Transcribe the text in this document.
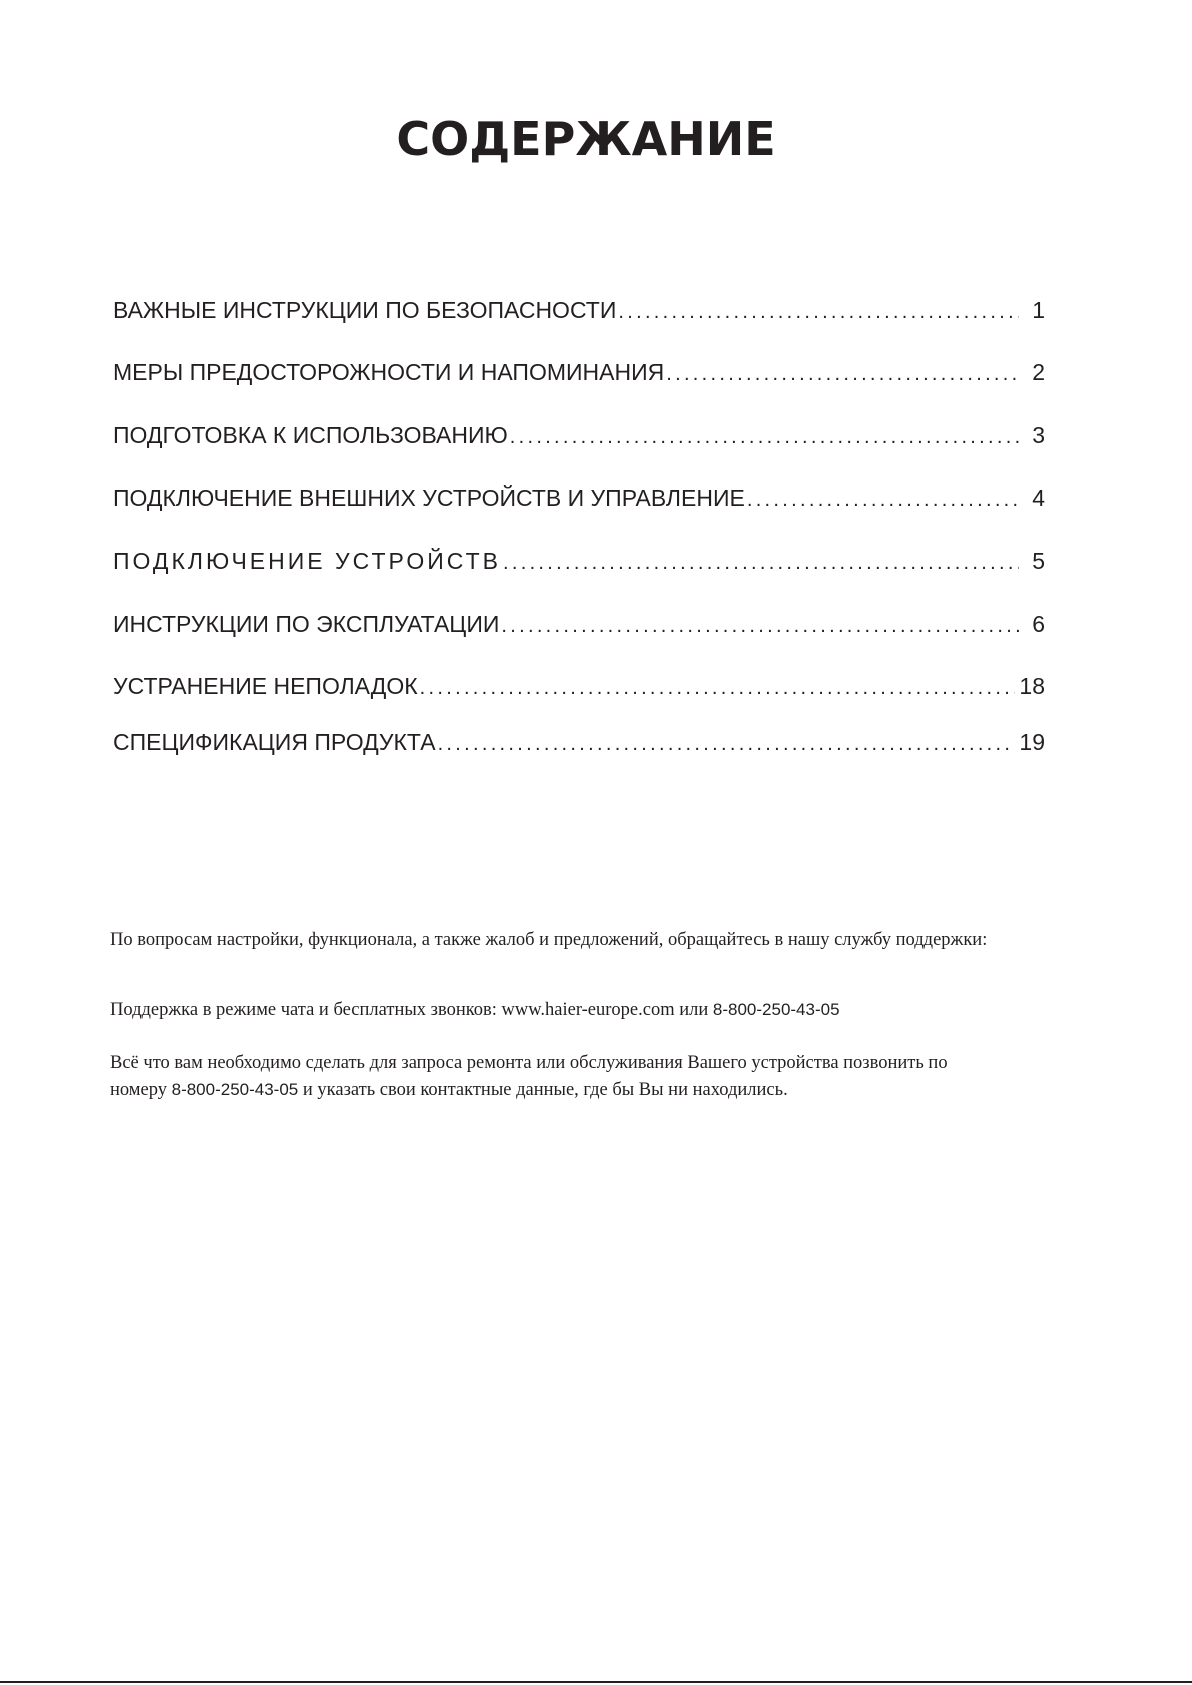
СОДЕРЖАНИЕ
ВАЖНЫЕ ИНСТРУКЦИИ ПО БЕЗОПАСНОСТИ .....	1
МЕРЫ ПРЕДОСТОРОЖНОСТИ И НАПОМИНАНИЯ .....	2
ПОДГОТОВКА К ИСПОЛЬЗОВАНИЮ .....	3
ПОДКЛЮЧЕНИЕ ВНЕШНИХ УСТРОЙСТВ И УПРАВЛЕНИЕ .....	4
ПОДКЛЮЧЕНИЕ УСТРОЙСТВ .....	5
ИНСТРУКЦИИ ПО ЭКСПЛУАТАЦИИ .....	6
УСТРАНЕНИЕ НЕПОЛАДОК .....	18
СПЕЦИФИКАЦИЯ ПРОДУКТА .....	19

По вопросам настройки, функционала, а также жалоб и предложений, обращайтесь в нашу службу поддержки:

Поддержка в режиме чата и бесплатных звонков: www.haier-europe.com или 8-800-250-43-05

Всё что вам необходимо сделать для запроса ремонта или обслуживания Вашего устройства позвонить по

номеру 8-800-250-43-05 и указать свои контактные данные, где бы Вы ни находились.
